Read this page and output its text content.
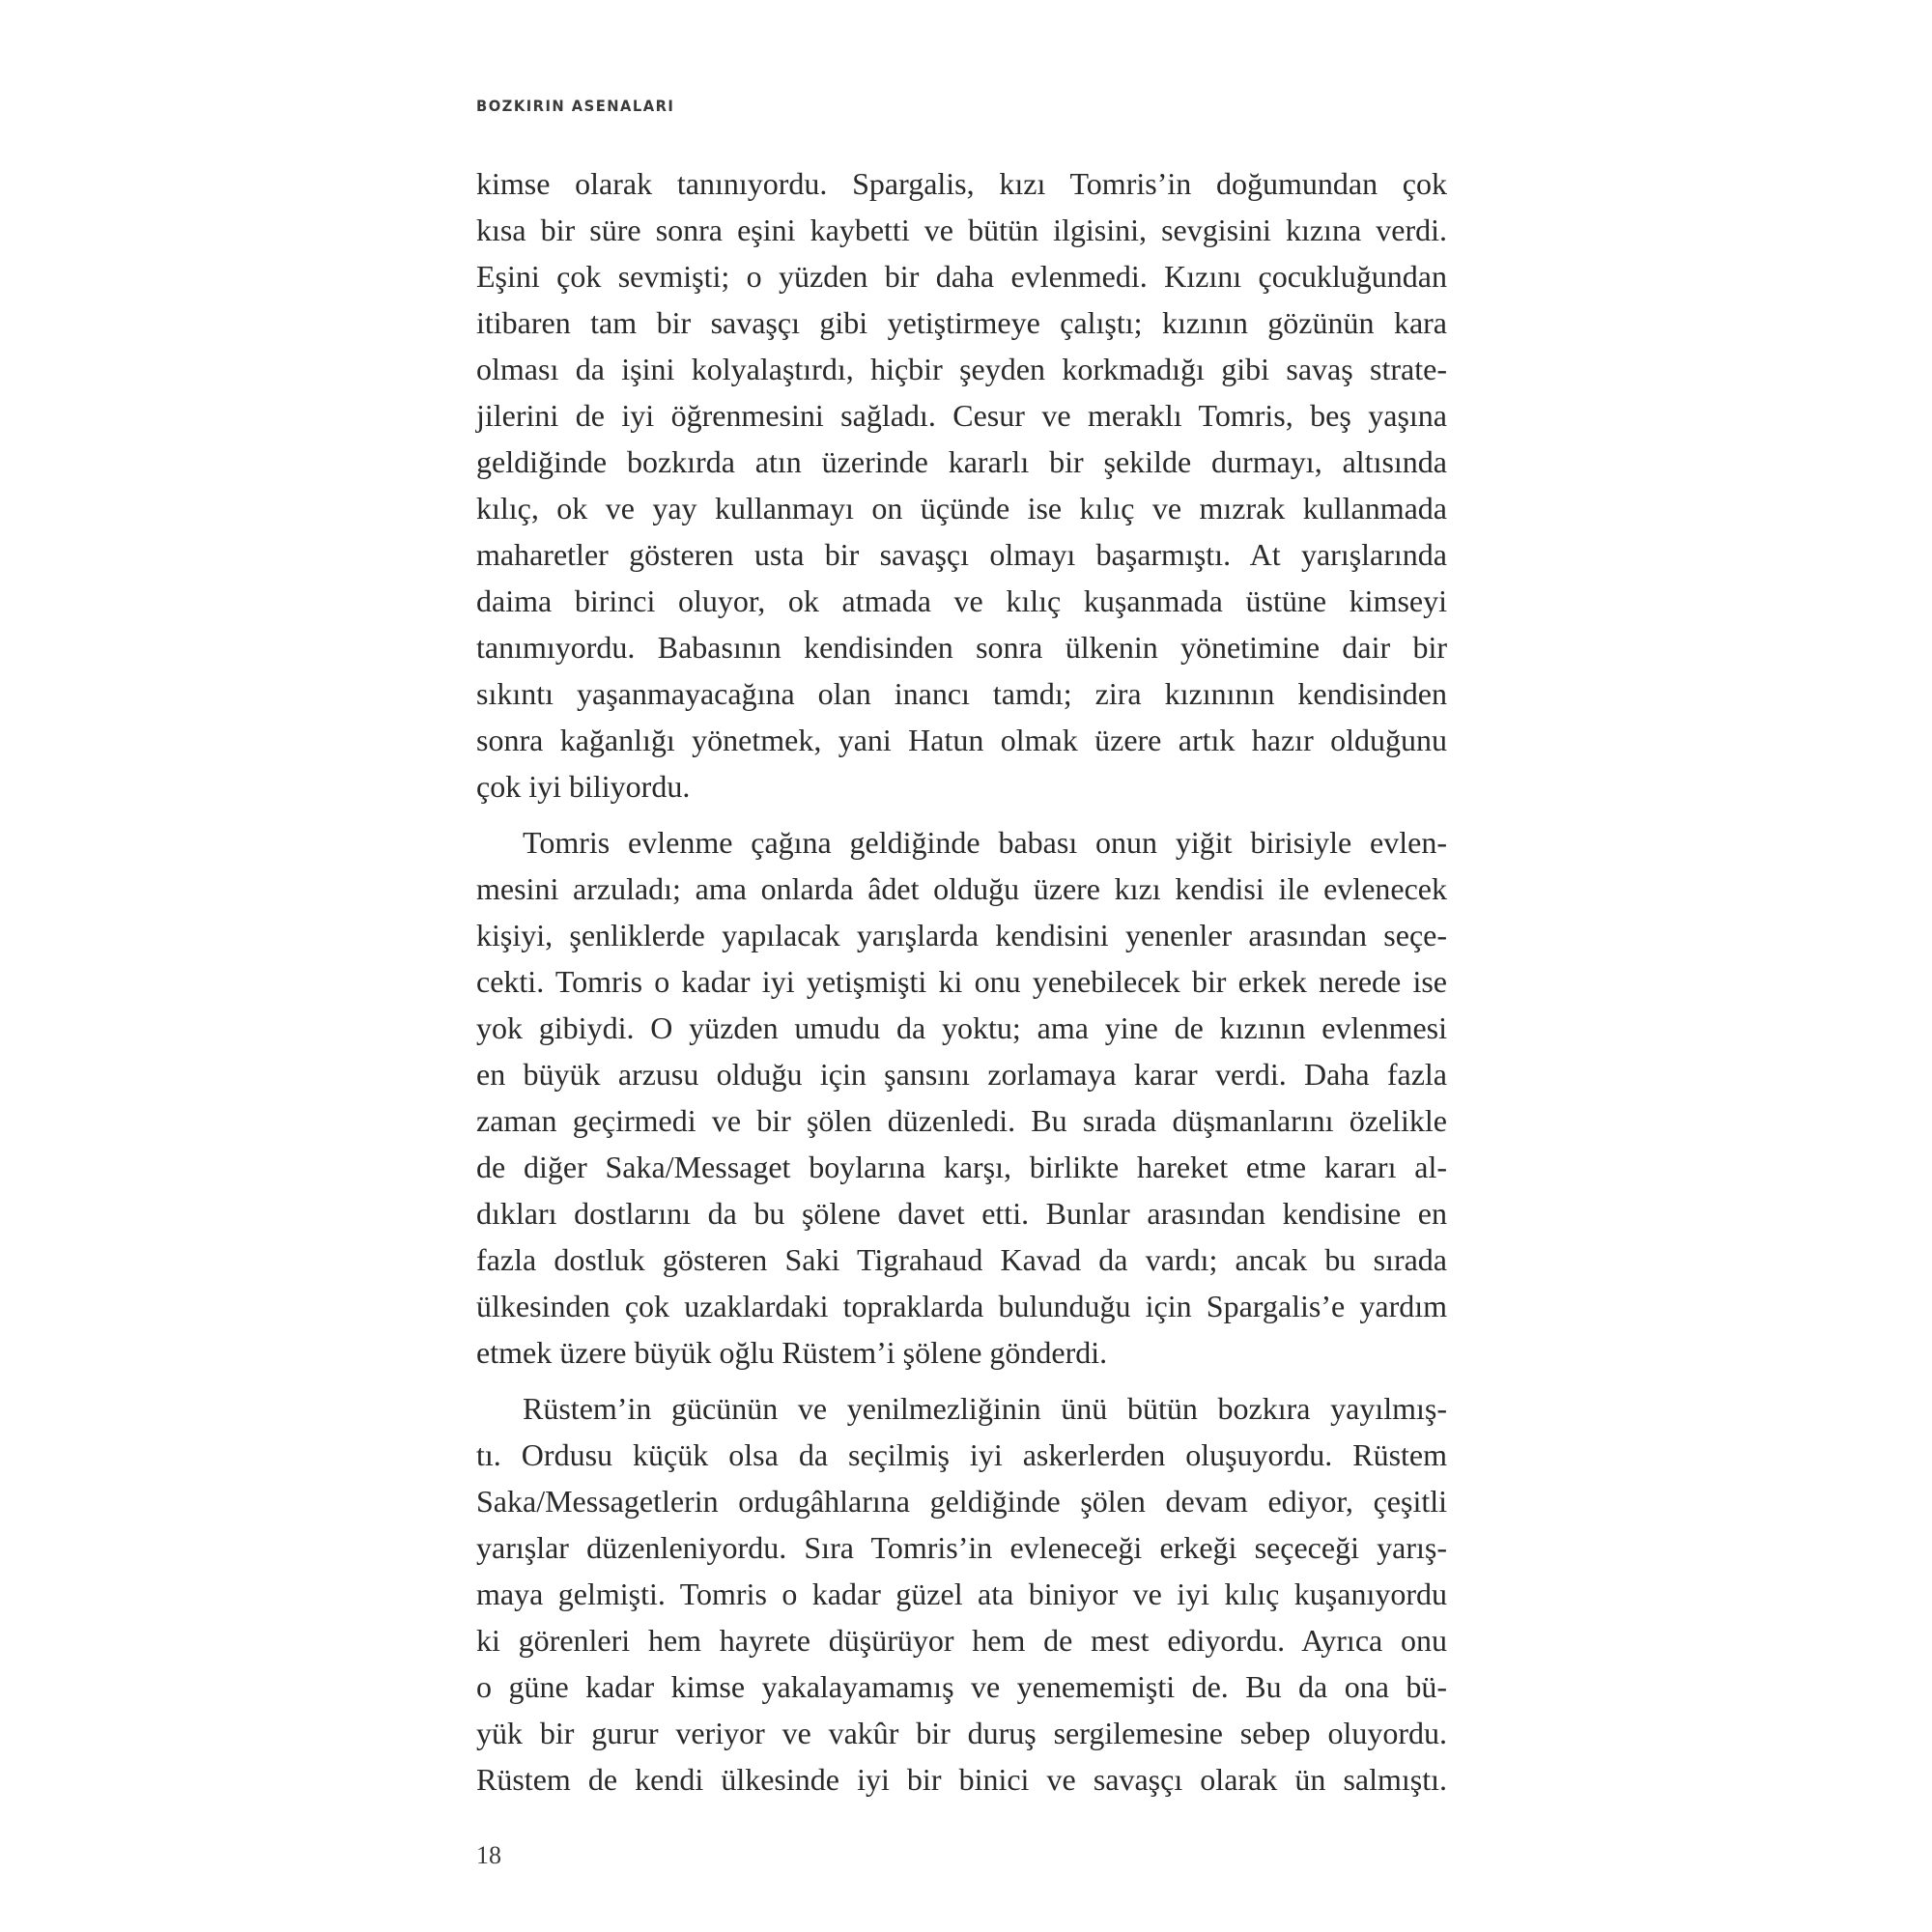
BOZKIRIN ASENALARI
kimse olarak tanınıyordu. Spargalis, kızı Tomris’in doğumundan çok
kısa bir süre sonra eşini kaybetti ve bütün ilgisini, sevgisini kızına verdi.
Eşini çok sevmişti; o yüzden bir daha evlenmedi. Kızını çocukluğundan
itibaren tam bir savaşçı gibi yetiştirmeye çalıştı; kızının gözünün kara
olması da işini kolyalaştırdı, hiçbir şeyden korkmadığı gibi savaş strate-
jilerini de iyi öğrenmesini sağladı. Cesur ve meraklı Tomris, beş yaşına
geldiğinde bozkırda atın üzerinde kararlı bir şekilde durmayı, altısında
kılıç, ok ve yay kullanmayı on üçünde ise kılıç ve mızrak kullanmada
maharetler gösteren usta bir savaşçı olmayı başarmıştı. At yarışlarında
daima birinci oluyor, ok atmada ve kılıç kuşanmada üstüne kimseyi
tanımıyordu. Babasının kendisinden sonra ülkenin yönetimine dair bir
sıkıntı yaşanmayacağına olan inancı tamdı; zira kızınının kendisinden
sonra kağanlığı yönetmek, yani Hatun olmak üzere artık hazır olduğunu
çok iyi biliyordu.
Tomris evlenme çağına geldiğinde babası onun yiğit birisiyle evlen-
mesini arzuladı; ama onlarda âdet olduğu üzere kızı kendisi ile evlenecek
kişiyi, şenliklerde yapılacak yarışlarda kendisini yenenler arasından seçe-
cekti. Tomris o kadar iyi yetişmişti ki onu yenebilecek bir erkek nerede ise
yok gibiydi. O yüzden umudu da yoktu; ama yine de kızının evlenmesi
en büyük arzusu olduğu için şansını zorlamaya karar verdi. Daha fazla
zaman geçirmedi ve bir şölen düzenledi. Bu sırada düşmanlarını özelikle
de diğer Saka/Messaget boylarına karşı, birlikte hareket etme kararı al-
dıkları dostlarını da bu şölene davet etti. Bunlar arasından kendisine en
fazla dostluk gösteren Saki Tigrahaud Kavad da vardı; ancak bu sırada
ülkesinden çok uzaklardaki topraklarda bulunduğu için Spargalis’e yardım
etmek üzere büyük oğlu Rüstem’i şölene gönderdi.
Rüstem’in gücünün ve yenilmezliğinin ünü bütün bozkıra yayılmış-
tı. Ordusu küçük olsa da seçilmiş iyi askerlerden oluşuyordu. Rüstem
Saka/Messagetlerin ordugâhlarına geldiğinde şölen devam ediyor, çeşitli
yarışlar düzenleniyordu. Sıra Tomris’in evleneceği erkeği seçeceği yarış-
maya gelmişti. Tomris o kadar güzel ata biniyor ve iyi kılıç kuşanıyordu
ki görenleri hem hayrete düşürüyor hem de mest ediyordu. Ayrıca onu
o güne kadar kimse yakalayamamış ve yenememişti de. Bu da ona bü-
yük bir gurur veriyor ve vakûr bir duruş sergilemesine sebep oluyordu.
Rüstem de kendi ülkesinde iyi bir binici ve savaşçı olarak ün salmıştı.
18
